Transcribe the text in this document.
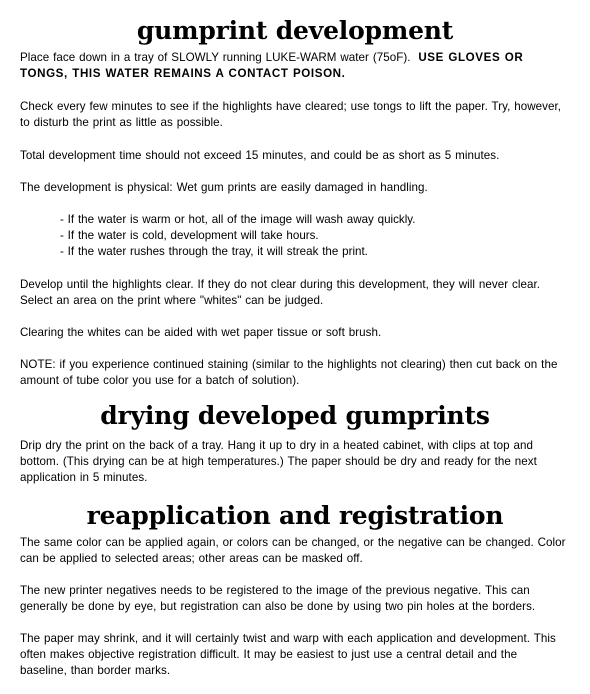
gumprint development

Place face down in a tray of SLOWLY running LUKE-WARM water (75oF). USE GLOVES OR TONGS, THIS WATER REMAINS A CONTACT POISON.

Check every few minutes to see if the highlights have cleared; use tongs to lift the paper. Try, however, to disturb the print as little as possible.

Total development time should not exceed 15 minutes, and could be as short as 5 minutes.

The development is physical: Wet gum prints are easily damaged in handling.

- If the water is warm or hot, all of the image will wash away quickly.
- If the water is cold, development will take hours.
- If the water rushes through the tray, it will streak the print.

Develop until the highlights clear. If they do not clear during this development, they will never clear. Select an area on the print where "whites" can be judged.

Clearing the whites can be aided with wet paper tissue or soft brush.

NOTE: if you experience continued staining (similar to the highlights not clearing) then cut back on the amount of tube color you use for a batch of solution).

drying developed gumprints

Drip dry the print on the back of a tray. Hang it up to dry in a heated cabinet, with clips at top and bottom. (This drying can be at high temperatures.) The paper should be dry and ready for the next application in 5 minutes.

reapplication and registration

The same color can be applied again, or colors can be changed, or the negative can be changed. Color can be applied to selected areas; other areas can be masked off.

The new printer negatives needs to be registered to the image of the previous negative. This can generally be done by eye, but registration can also be done by using two pin holes at the borders.

The paper may shrink, and it will certainly twist and warp with each application and development. This often makes objective registration difficult. It may be easiest to just use a central detail and the baseline, than border marks.
